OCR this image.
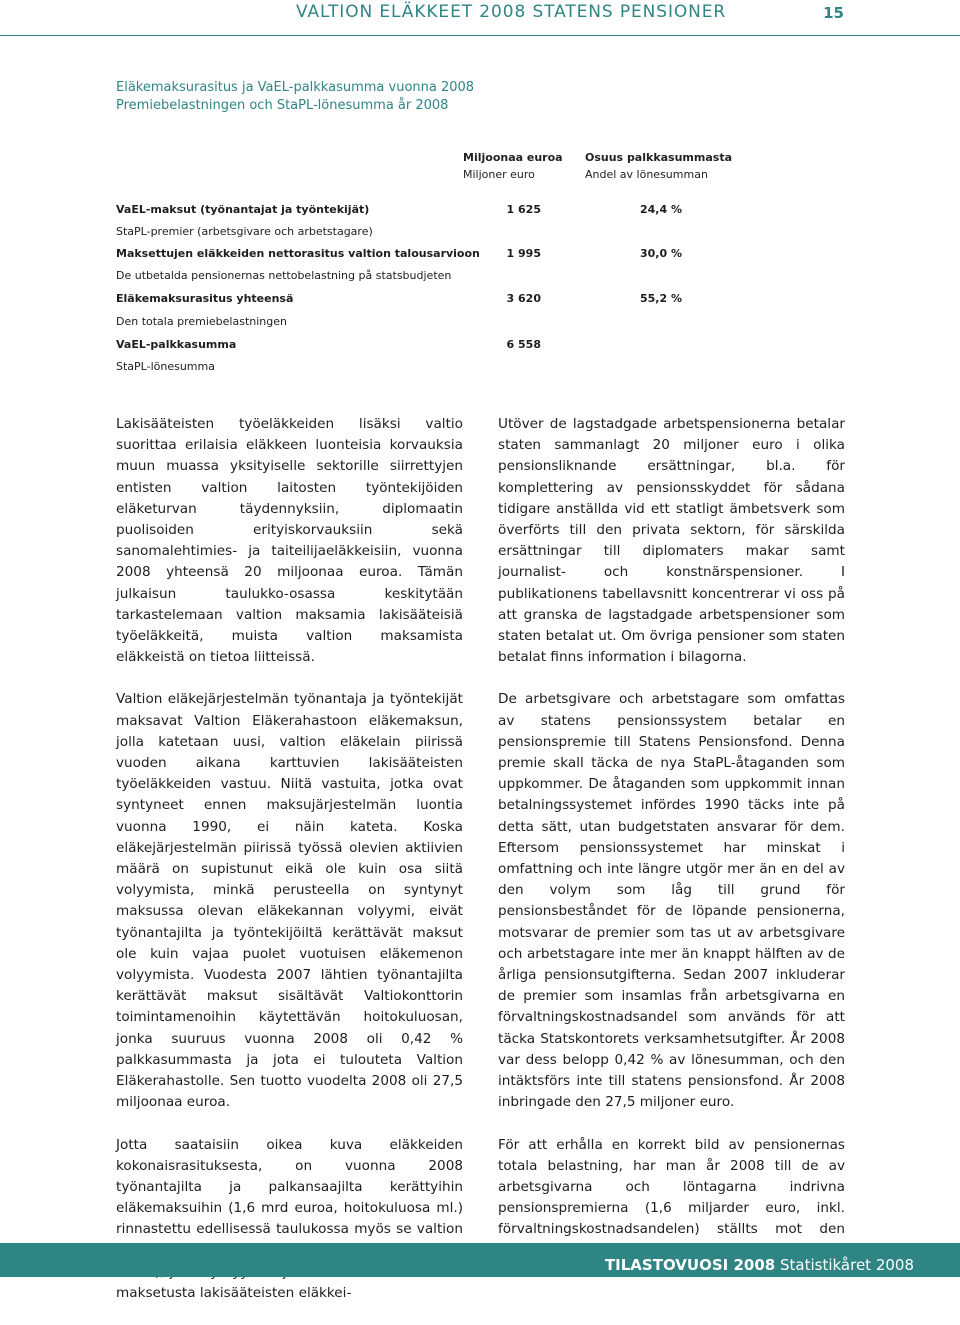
VALTION ELÄKKEET 2008 STATENS PENSIONER	15
Eläkemaksurasitus ja VaEL-palkkasumma vuonna 2008
Premiebelastningen och StaPL-lönesumma år 2008
Miljoonaa euroa
Miljoner euro
Osuus palkkasummasta
Andel av lönesumman
VaEL-maksut (työnantajat ja työntekijät)	1 625	24,4 %
StaPL-premier (arbetsgivare och arbetstagare)
Maksettujen eläkkeiden nettorasitus valtion talousarvioon	1 995	30,0 %
De utbetalda pensionernas nettobelastning på statsbudjeten
Eläkemaksurasitus yhteensä	3 620	55,2 %
Den totala premiebelastningen
VaEL-palkkasumma	6 558
StaPL-lönesumma

Lakisääteisten työeläkkeiden lisäksi valtio suorittaa erilaisia eläkkeen luonteisia korvauksia muun muassa yksityiselle sektorille siirrettyjen entisten valtion laitosten työntekijöiden eläketurvan täydennyksiin, diplomaatin puolisoiden erityiskorvauksiin sekä sanomalehtimies- ja taiteilijaeläkkeisiin, vuonna 2008 yhteensä 20 miljoonaa euroa. Tämän julkaisun taulukko-osassa keskitytään tarkastelemaan valtion maksamia lakisääteisiä työeläkkeitä, muista valtion maksamista eläkkeistä on tietoa liitteissä.

Valtion eläkejärjestelmän työnantaja ja työntekijät maksavat Valtion Eläkerahastoon eläkemaksun, jolla katetaan uusi, valtion eläkelain piirissä vuoden aikana karttuvien lakisääteisten työeläkkeiden vastuu. Niitä vastuita, jotka ovat syntyneet ennen maksujärjestelmän luontia vuonna 1990, ei näin kateta. Koska eläkejärjestelmän piirissä työssä olevien aktiivien määrä on supistunut eikä ole kuin osa siitä volyymista, minkä perusteella on syntynyt maksussa olevan eläkekannan volyymi, eivät työnantajilta ja työntekijöiltä kerättävät maksut ole kuin vajaa puolet vuotuisen eläkemenon volyymista. Vuodesta 2007 lähtien työnantajilta kerättävät maksut sisältävät Valtiokonttorin toimintamenoihin käytettävän hoitokuluosan, jonka suuruus vuonna 2008 oli 0,42 % palkkasummasta ja jota ei tulouteta Valtion Eläkerahastolle. Sen tuotto vuodelta 2008 oli 27,5 miljoonaa euroa.

Jotta saataisiin oikea kuva eläkkeiden kokonaisrasituksesta, on vuonna 2008 työnantajilta ja palkansaajilta kerättyihin eläkemaksuihin (1,6 mrd euroa, hoitokuluosa ml.) rinnastettu edellisessä taulukossa myös se valtion maksetusta lakisääteisten eläkkei-

Utöver de lagstadgade arbetspensionerna betalar staten sammanlagt 20 miljoner euro i olika pensionsliknande ersättningar, bl.a. för komplettering av pensionsskyddet för sådana tidigare anställda vid ett statligt ämbetsverk som överförts till den privata sektorn, för särskilda ersättningar till diplomaters makar samt journalist- och konstnärspensioner. I publikationens tabellavsnitt koncentrerar vi oss på att granska de lagstadgade arbetspensioner som staten betalat ut. Om övriga pensioner som staten betalat finns information i bilagorna.

De arbetsgivare och arbetstagare som omfattas av statens pensionssystem betalar en pensionspremie till Statens Pensionsfond. Denna premie skall täcka de nya StaPL-åtaganden som uppkommer. De åtaganden som uppkommit innan betalningssystemet infördes 1990 täcks inte på detta sätt, utan budgetstaten ansvarar för dem. Eftersom pensionssystemet har minskat i omfattning och inte längre utgör mer än en del av den volym som låg till grund för pensionsbeståndet för de löpande pensionerna, motsvarar de premier som tas ut av arbetsgivare och arbetstagare inte mer än knappt hälften av de årliga pensionsutgifterna. Sedan 2007 inkluderar de premier som insamlas från arbetsgivarna en förvaltningskostnadsandel som används för att täcka Statskontorets verksamhetsutgifter. År 2008 var dess belopp 0,42 % av lönesumman, och den intäktsförs inte till statens pensionsfond. År 2008 inbringade den 27,5 miljoner euro.

För att erhålla en korrekt bild av pensionernas totala belastning, har man år 2008 till de av arbetsgivarna och löntagarna indrivna pensionspremierna (1,6 miljarder euro, inkl. förvaltningskostnadsandelen) ställts mot den

TILASTOVUOSI 2008 Statistikåret 2008
